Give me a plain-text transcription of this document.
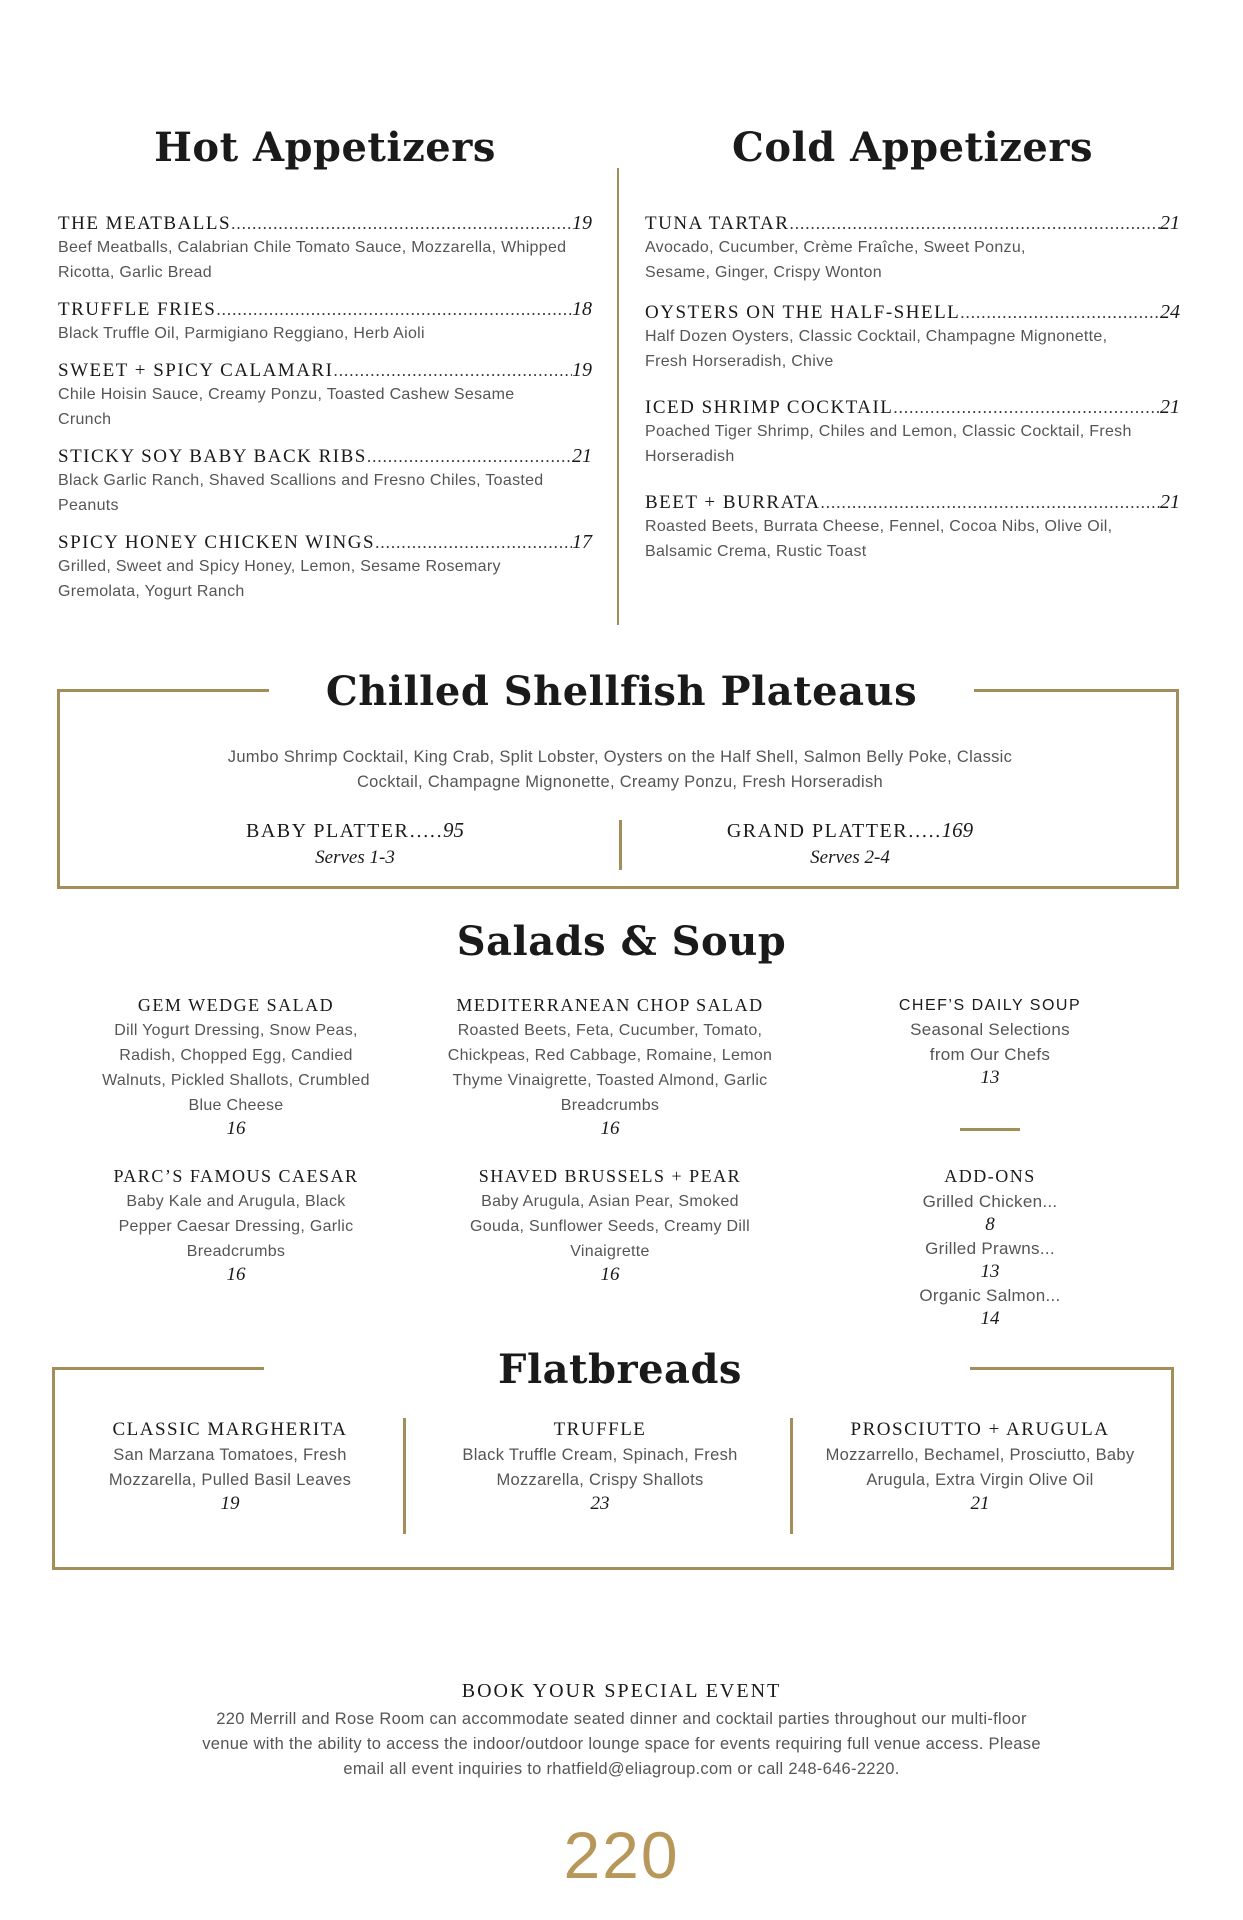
Hot Appetizers
THE MEATBALLS .....	19
Beef Meatballs, Calabrian Chile Tomato Sauce, Mozzarella, Whipped Ricotta, Garlic Bread
TRUFFLE FRIES .....	18
Black Truffle Oil, Parmigiano Reggiano, Herb Aioli
SWEET + SPICY CALAMARI .....	19
Chile Hoisin Sauce, Creamy Ponzu, Toasted Cashew Sesame Crunch
STICKY SOY BABY BACK RIBS .....	21
Black Garlic Ranch, Shaved Scallions and Fresno Chiles, Toasted Peanuts
SPICY HONEY CHICKEN WINGS .....	17
Grilled, Sweet and Spicy Honey, Lemon, Sesame Rosemary Gremolata, Yogurt Ranch
Cold Appetizers
TUNA TARTAR .....	21
Avocado, Cucumber, Crème Fraîche, Sweet Ponzu, Sesame, Ginger, Crispy Wonton
OYSTERS ON THE HALF-SHELL .....	24
Half Dozen Oysters, Classic Cocktail, Champagne Mignonette, Fresh Horseradish, Chive
ICED SHRIMP COCKTAIL .....	21
Poached Tiger Shrimp, Chiles and Lemon, Classic Cocktail, Fresh Horseradish
BEET + BURRATA .....	21
Roasted Beets, Burrata Cheese, Fennel, Cocoa Nibs, Olive Oil, Balsamic Crema, Rustic Toast
Chilled Shellfish Plateaus
Jumbo Shrimp Cocktail, King Crab, Split Lobster, Oysters on the Half Shell, Salmon Belly Poke, Classic Cocktail, Champagne Mignonette, Creamy Ponzu, Fresh Horseradish
BABY PLATTER.....95
Serves 1-3
GRAND PLATTER.....169
Serves 2-4
Salads & Soup
GEM WEDGE SALAD
Dill Yogurt Dressing, Snow Peas, Radish, Chopped Egg, Candied Walnuts, Pickled Shallots, Crumbled Blue Cheese
16
MEDITERRANEAN CHOP SALAD
Roasted Beets, Feta, Cucumber, Tomato, Chickpeas, Red Cabbage, Romaine, Lemon Thyme Vinaigrette, Toasted Almond, Garlic Breadcrumbs
16
CHEF’S DAILY SOUP
Seasonal Selections
from Our Chefs
13
PARC’S FAMOUS CAESAR
Baby Kale and Arugula, Black Pepper Caesar Dressing, Garlic Breadcrumbs
16
SHAVED BRUSSELS + PEAR
Baby Arugula, Asian Pear, Smoked Gouda, Sunflower Seeds, Creamy Dill Vinaigrette
16
ADD-ONS
Grilled Chicken...
8
Grilled Prawns...
13
Organic Salmon...
14
Flatbreads
CLASSIC MARGHERITA
San Marzana Tomatoes, Fresh Mozzarella, Pulled Basil Leaves
19
TRUFFLE
Black Truffle Cream, Spinach, Fresh Mozzarella, Crispy Shallots
23
PROSCIUTTO + ARUGULA
Mozzarrello, Bechamel, Prosciutto, Baby Arugula, Extra Virgin Olive Oil
21
BOOK YOUR SPECIAL EVENT
220 Merrill and Rose Room can accommodate seated dinner and cocktail parties throughout our multi-floor
venue with the ability to access the indoor/outdoor lounge space for events requiring full venue access. Please
email all event inquiries to rhatfield@eliagroup.com or call 248-646-2220.
220
